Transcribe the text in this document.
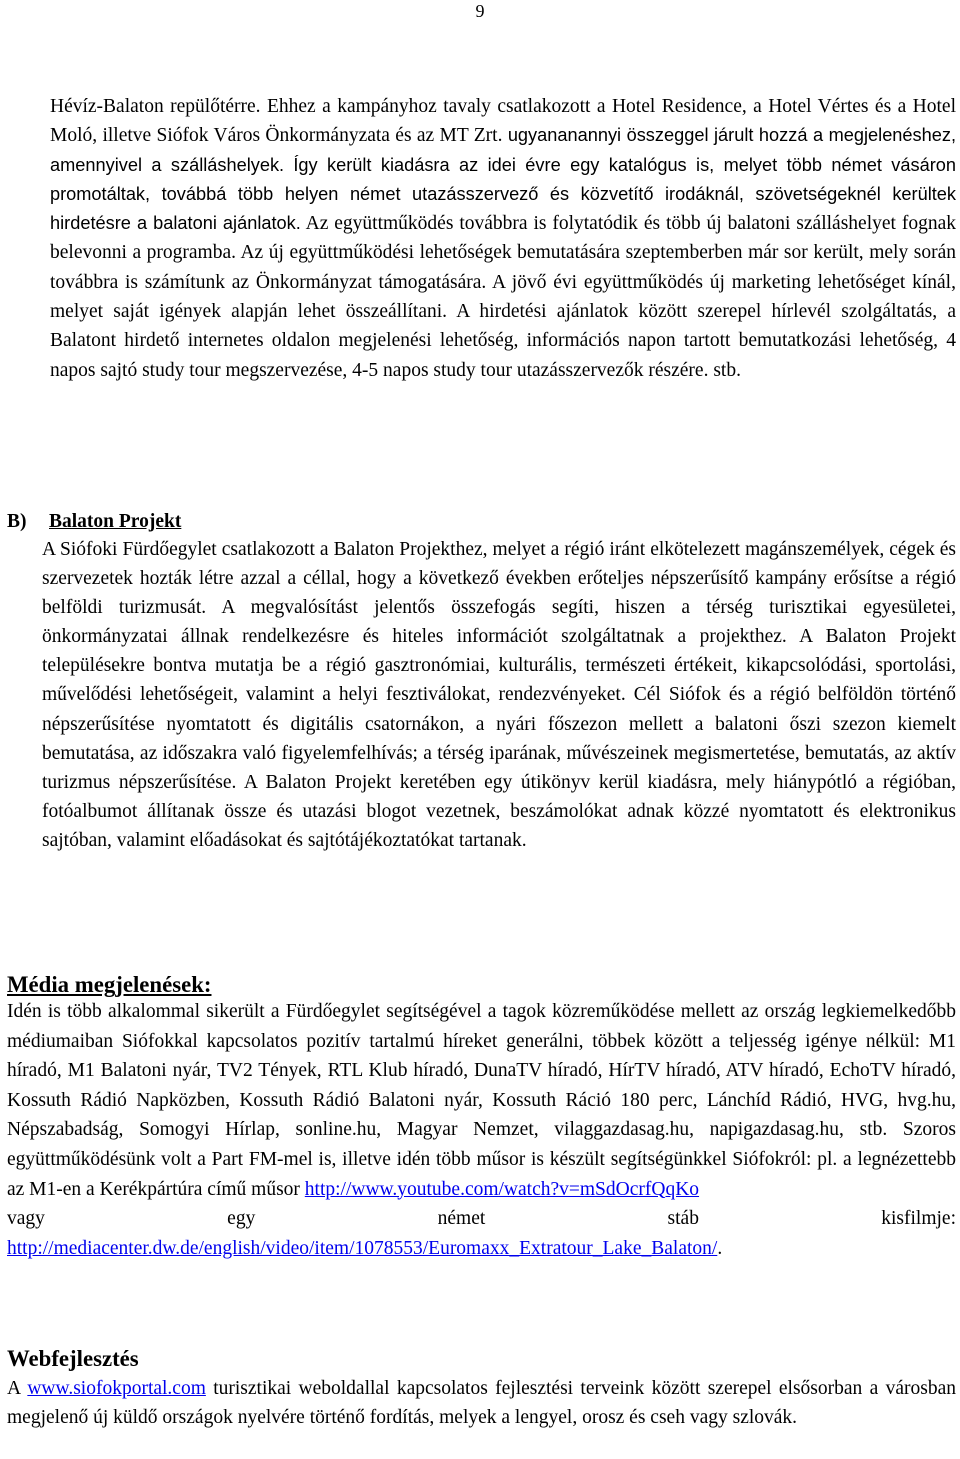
9

Hévíz-Balaton repülőtérre. Ehhez a kampányhoz tavaly csatlakozott a Hotel Residence, a Hotel Vértes és a Hotel Moló, illetve Siófok Város Önkormányzata és az MT Zrt. ugyananannyi összeggel járult hozzá a megjelenéshez, amennyivel a szálláshelyek. Így került kiadásra az idei évre egy katalógus is, melyet több német vásáron promotáltak, továbbá több helyen német utazásszervező és közvetítő irodáknál, szövetségeknél kerültek hirdetésre a balatoni ajánlatok. Az együttműködés továbbra is folytatódik és több új balatoni szálláshelyet fognak belevonni a programba. Az új együttműködési lehetőségek bemutatására szeptemberben már sor került, mely során továbbra is számítunk az Önkormányzat támogatására. A jövő évi együttműködés új marketing lehetőséget kínál, melyet saját igények alapján lehet összeállítani. A hirdetési ajánlatok között szerepel hírlevél szolgáltatás, a Balatont hirdető internetes oldalon megjelenési lehetőség, információs napon tartott bemutatkozási lehetőség, 4 napos sajtó study tour megszervezése, 4-5 napos study tour utazásszervezők részére. stb.

B) Balaton Projekt

A Siófoki Fürdőegylet csatlakozott a Balaton Projekthez, melyet a régió iránt elkötelezett magánszemélyek, cégek és szervezetek hozták létre azzal a céllal, hogy a következő években erőteljes népszerűsítő kampány erősítse a régió belföldi turizmusát. A megvalósítást jelentős összefogás segíti, hiszen a térség turisztikai egyesületei, önkormányzatai állnak rendelkezésre és hiteles információt szolgáltatnak a projekthez. A Balaton Projekt településekre bontva mutatja be a régió gasztronómiai, kulturális, természeti értékeit, kikapcsolódási, sportolási, művelődési lehetőségeit, valamint a helyi fesztiválokat, rendezvényeket. Cél Siófok és a régió belföldön történő népszerűsítése nyomtatott és digitális csatornákon, a nyári főszezon mellett a balatoni őszi szezon kiemelt bemutatása, az időszakra való figyelemfelhívás; a térség iparának, művészeinek megismertetése, bemutatás, az aktív turizmus népszerűsítése. A Balaton Projekt keretében egy útikönyv kerül kiadásra, mely hiánypótló a régióban, fotóalbumot állítanak össze és utazási blogot vezetnek, beszámolókat adnak közzé nyomtatott és elektronikus sajtóban, valamint előadásokat és sajtótájékoztatókat tartanak.

Média megjelenések:

Idén is több alkalommal sikerült a Fürdőegylet segítségével a tagok közreműködése mellett az ország legkiemelkedőbb médiumaiban Siófokkal kapcsolatos pozitív tartalmú híreket generálni, többek között a teljesség igénye nélkül: M1 híradó, M1 Balatoni nyár, TV2 Tények, RTL Klub híradó, DunaTV híradó, HírTV híradó, ATV híradó, EchoTV híradó, Kossuth Rádió Napközben, Kossuth Rádió Balatoni nyár, Kossuth Ráció 180 perc, Lánchíd Rádió, HVG, hvg.hu, Népszabadság, Somogyi Hírlap, sonline.hu, Magyar Nemzet, vilaggazdasag.hu, napigazdasag.hu, stb. Szoros együttműködésünk volt a Part FM-mel is, illetve idén több műsor is készült segítségünkkel Siófokról: pl. a legnézettebb az M1-en a Kerékpártúra című műsor http://www.youtube.com/watch?v=mSdOcrfQqKo
vagy egy német stáb kisfilmje:
http://mediacenter.dw.de/english/video/item/1078553/Euromaxx_Extratour_Lake_Balaton/.

Webfejlesztés

A www.siofokportal.com turisztikai weboldallal kapcsolatos fejlesztési terveink között szerepel elsősorban a városban megjelenő új küldő országok nyelvére történő fordítás, melyek a lengyel, orosz és cseh vagy szlovák.
